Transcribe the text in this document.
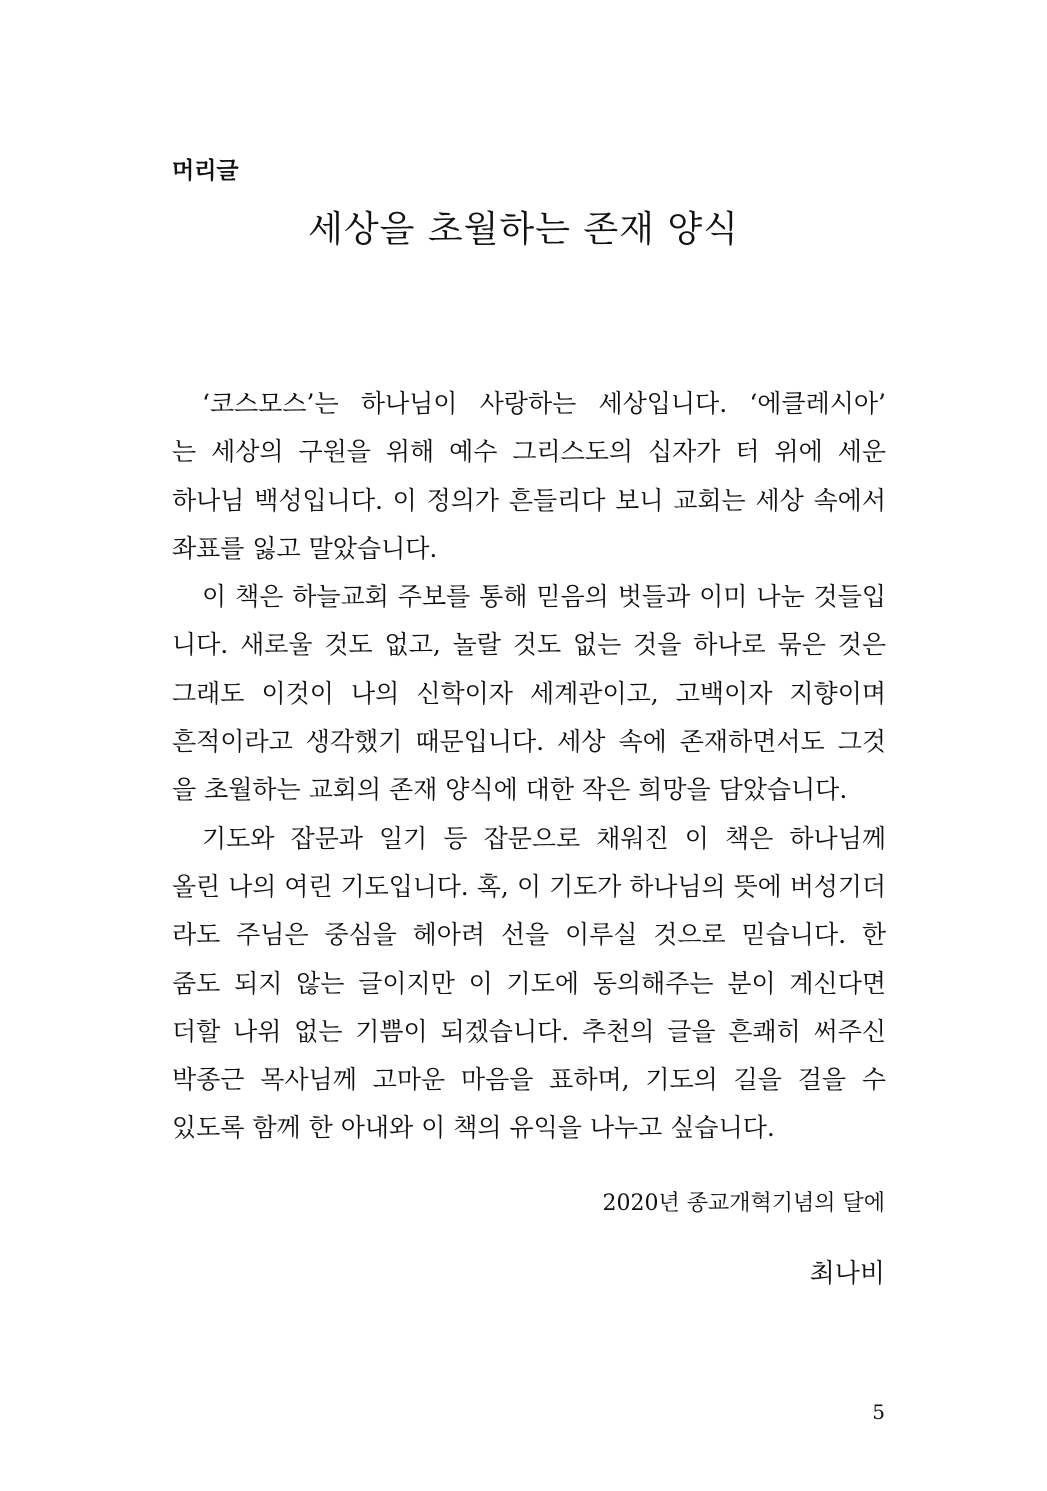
머리글
세상을 초월하는 존재 양식

‘코스모스’는 하나님이 사랑하는 세상입니다. ‘에클레시아’
는 세상의 구원을 위해 예수 그리스도의 십자가 터 위에 세운
하나님 백성입니다. 이 정의가 흔들리다 보니 교회는 세상 속에서
좌표를 잃고 말았습니다.

이 책은 하늘교회 주보를 통해 믿음의 벗들과 이미 나눈 것들입
니다. 새로울 것도 없고, 놀랄 것도 없는 것을 하나로 묶은 것은
그래도 이것이 나의 신학이자 세계관이고, 고백이자 지향이며
흔적이라고 생각했기 때문입니다. 세상 속에 존재하면서도 그것
을 초월하는 교회의 존재 양식에 대한 작은 희망을 담았습니다.

기도와 잡문과 일기 등 잡문으로 채워진 이 책은 하나님께
올린 나의 여린 기도입니다. 혹, 이 기도가 하나님의 뜻에 버성기더
라도 주님은 중심을 헤아려 선을 이루실 것으로 믿습니다. 한
줌도 되지 않는 글이지만 이 기도에 동의해주는 분이 계신다면
더할 나위 없는 기쁨이 되겠습니다. 추천의 글을 흔쾌히 써주신
박종근 목사님께 고마운 마음을 표하며, 기도의 길을 걸을 수
있도록 함께 한 아내와 이 책의 유익을 나누고 싶습니다.

2020년 종교개혁기념의 달에

최나비

5
